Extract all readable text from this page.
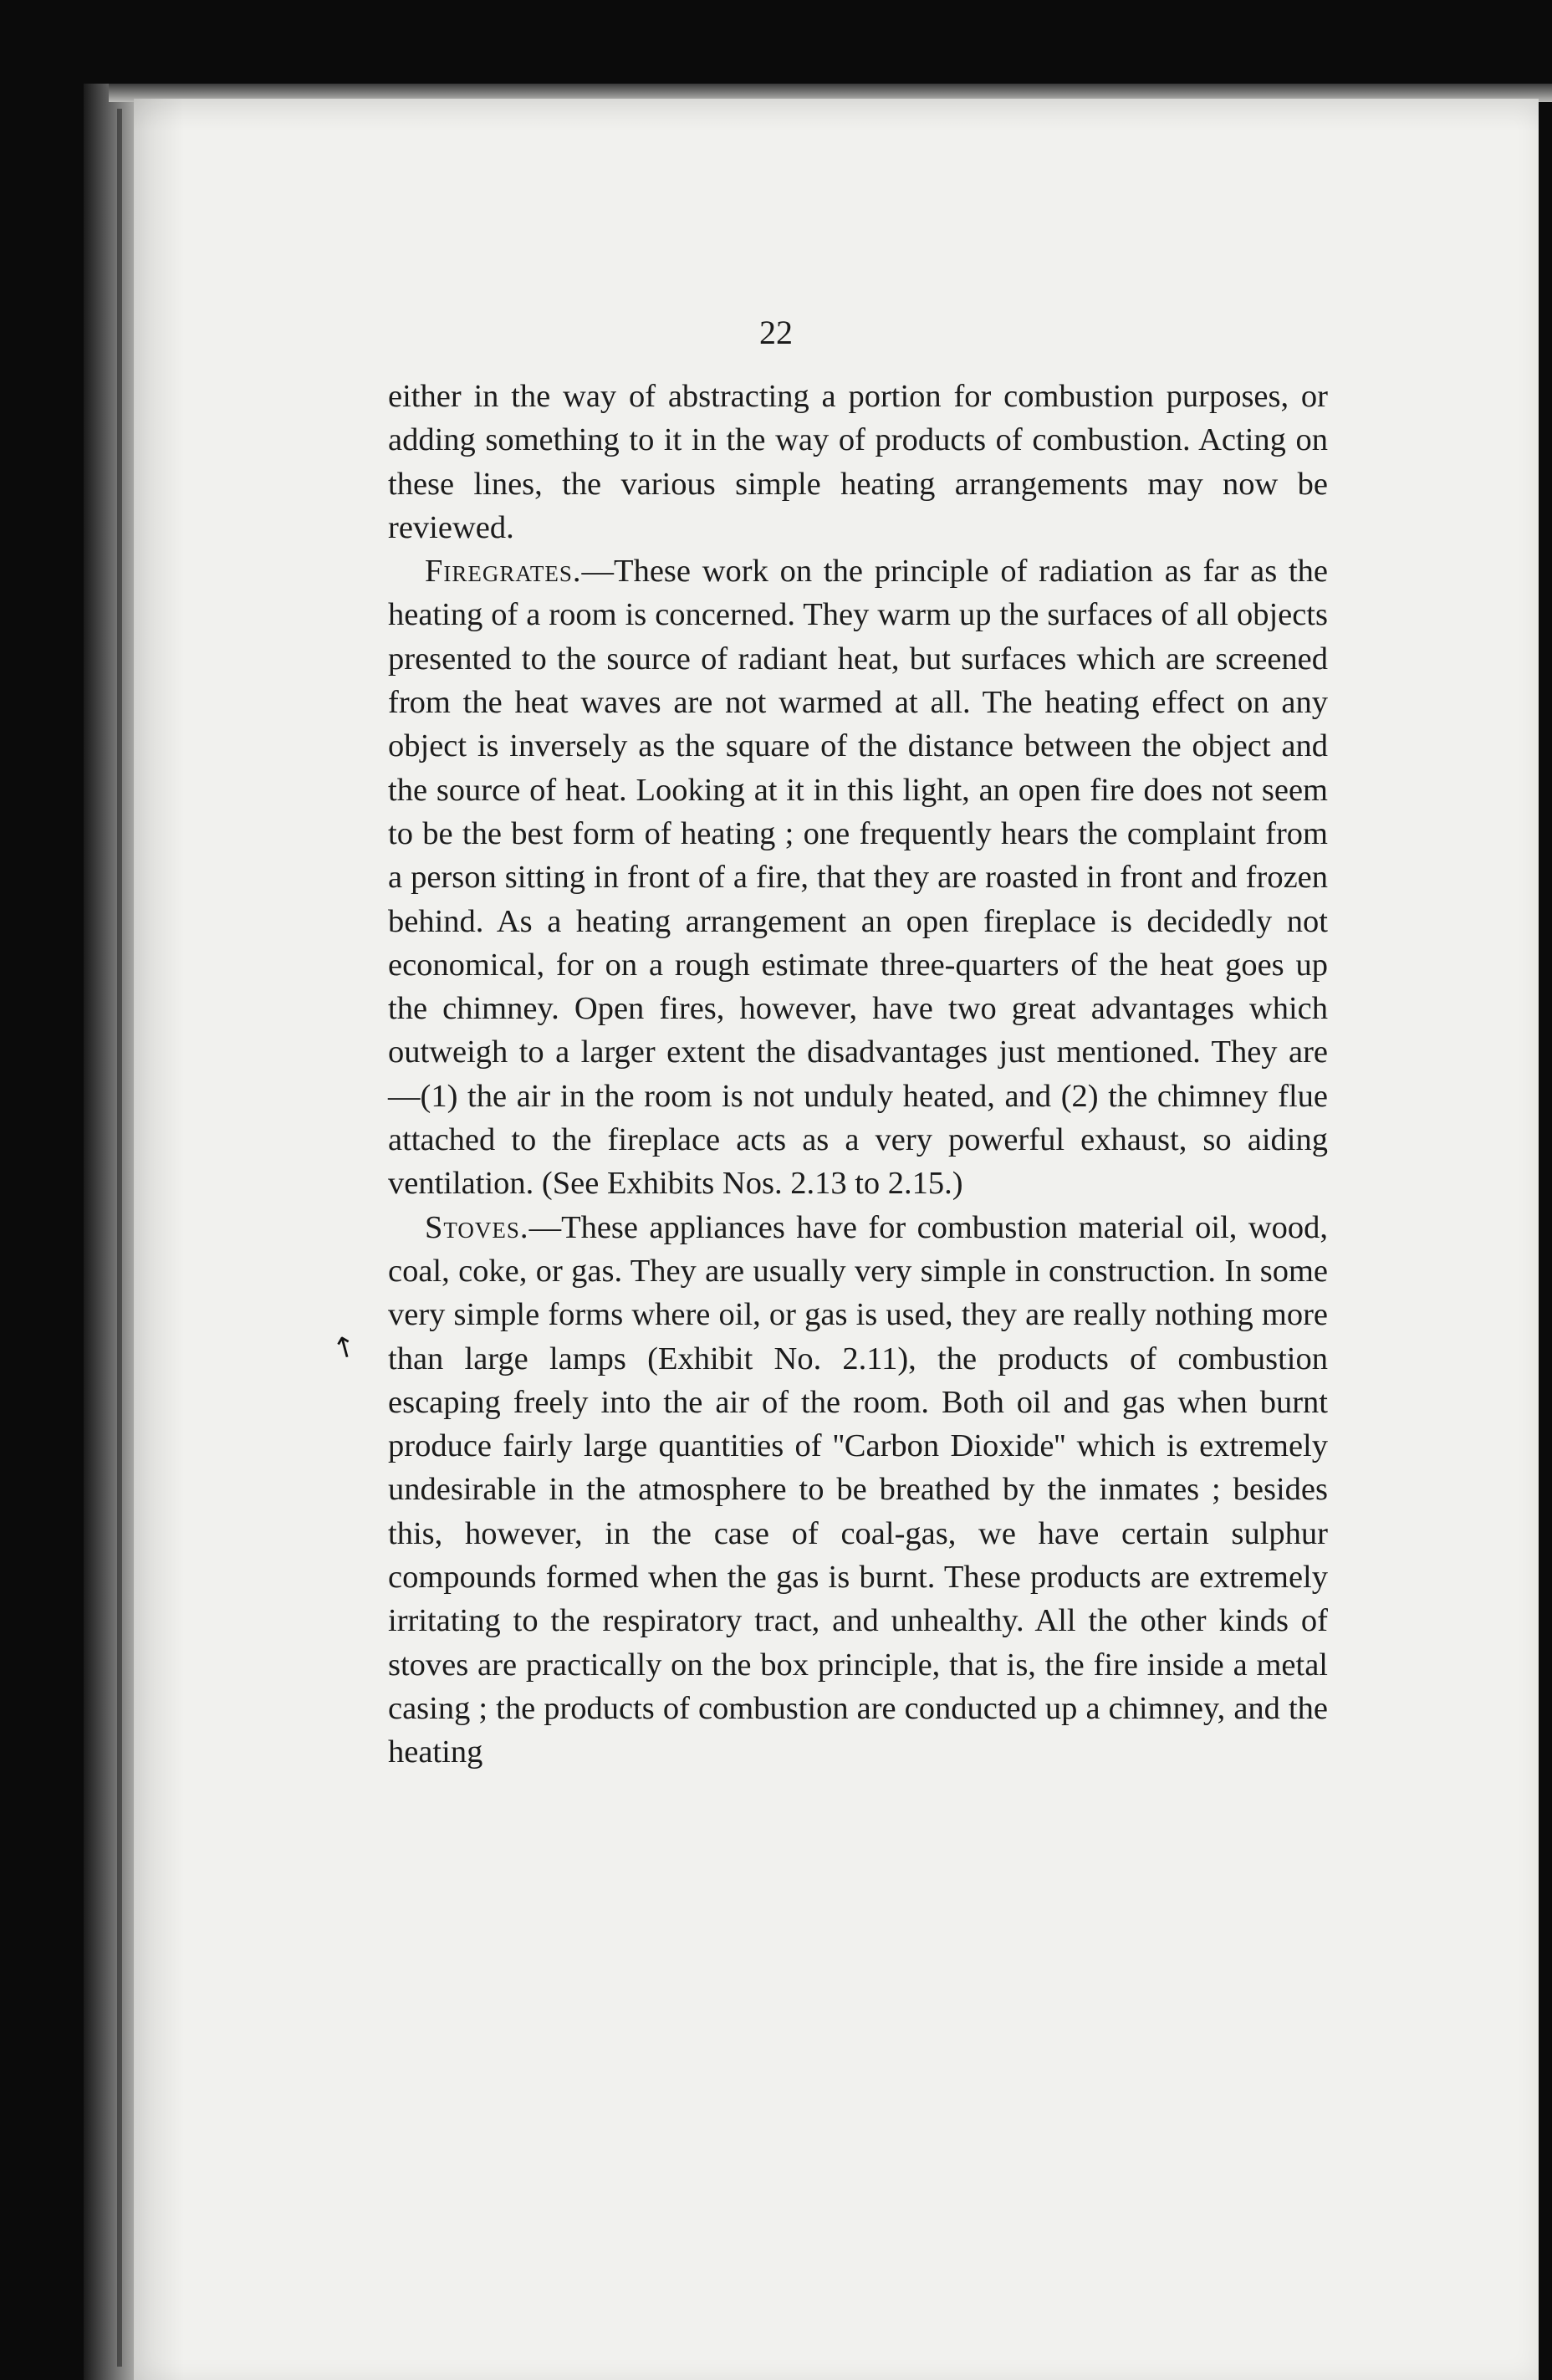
22

either in the way of abstracting a portion for combustion purposes, or adding something to it in the way of products of combustion. Acting on these lines, the various simple heating arrangements may now be reviewed.

Firegrates.—These work on the principle of radiation as far as the heating of a room is concerned. They warm up the surfaces of all objects presented to the source of radiant heat, but surfaces which are screened from the heat waves are not warmed at all. The heating effect on any object is inversely as the square of the distance between the object and the source of heat. Looking at it in this light, an open fire does not seem to be the best form of heating ; one frequently hears the complaint from a person sitting in front of a fire, that they are roasted in front and frozen behind. As a heating arrangement an open fireplace is decidedly not economical, for on a rough estimate three-quarters of the heat goes up the chimney. Open fires, however, have two great advantages which outweigh to a larger extent the disadvantages just mentioned. They are —(1) the air in the room is not unduly heated, and (2) the chimney flue attached to the fireplace acts as a very powerful exhaust, so aiding ventilation. (See Exhibits Nos. 2.13 to 2.15.)

Stoves.—These appliances have for combustion material oil, wood, coal, coke, or gas. They are usually very simple in construction. In some very simple forms where oil, or gas is used, they are really nothing more than large lamps (Exhibit No. 2.11), the products of combustion escaping freely into the air of the room. Both oil and gas when burnt produce fairly large quantities of ''Carbon Dioxide'' which is extremely undesirable in the atmosphere to be breathed by the inmates ; besides this, however, in the case of coal-gas, we have certain sulphur compounds formed when the gas is burnt. These products are extremely irritating to the respiratory tract, and unhealthy. All the other kinds of stoves are practically on the box principle, that is, the fire inside a metal casing ; the products of combustion are conducted up a chimney, and the heating

↑
